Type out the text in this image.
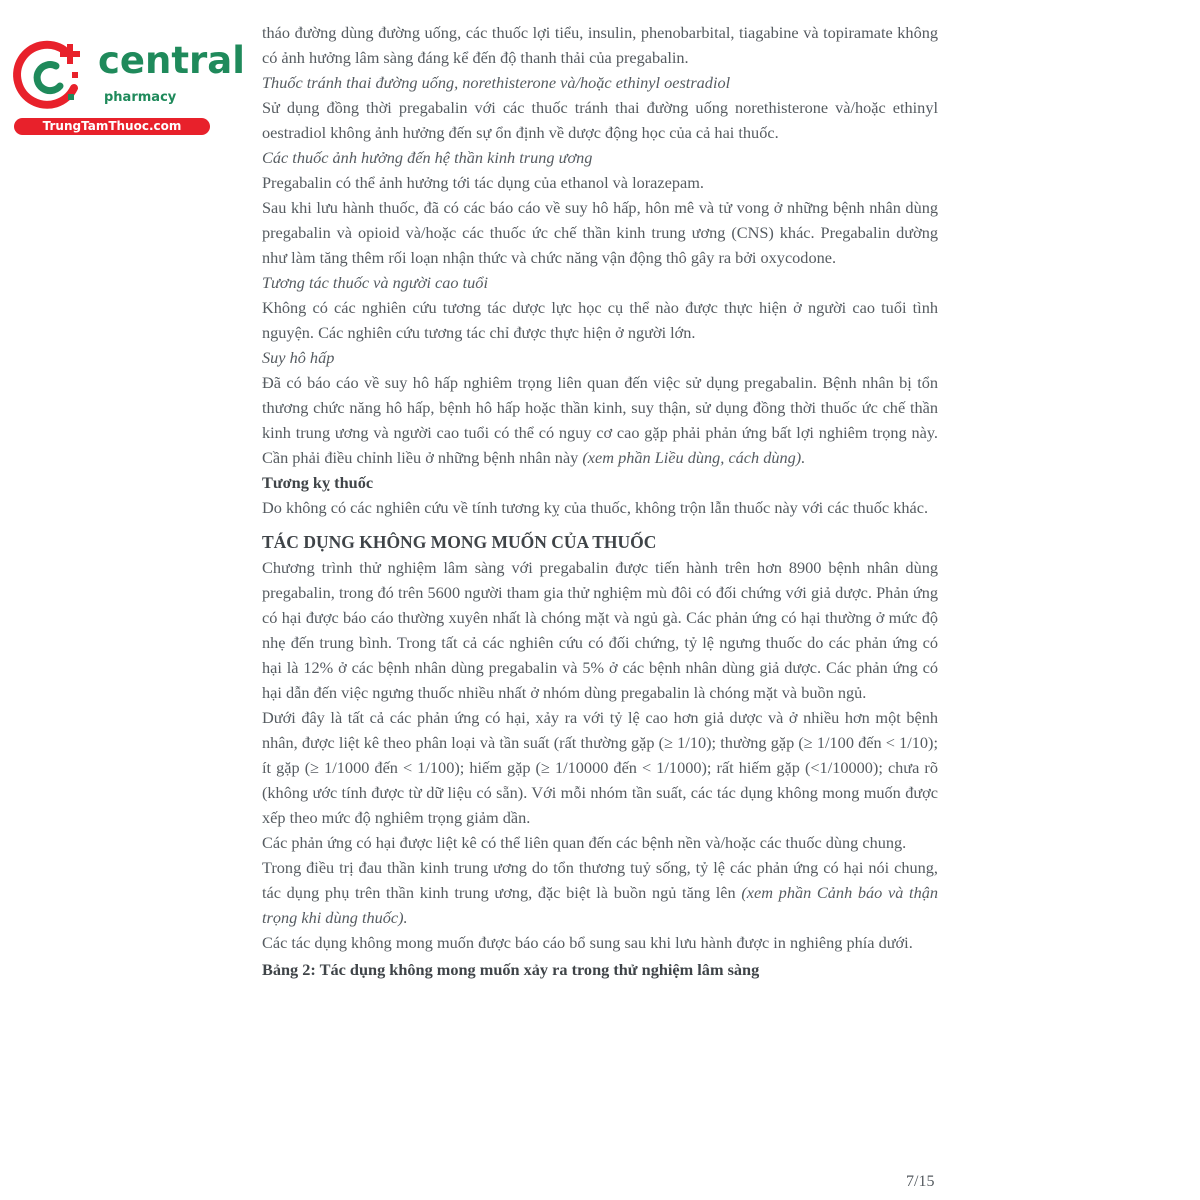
central
pharmacy
TrungTamThuoc.com

tháo đường dùng đường uống, các thuốc lợi tiểu, insulin, phenobarbital, tiagabine và topiramate không có ảnh hưởng lâm sàng đáng kể đến độ thanh thải của pregabalin.

Thuốc tránh thai đường uống, norethisterone và/hoặc ethinyl oestradiol

Sử dụng đồng thời pregabalin với các thuốc tránh thai đường uống norethisterone và/hoặc ethinyl oestradiol không ảnh hưởng đến sự ổn định về dược động học của cả hai thuốc.

Các thuốc ảnh hưởng đến hệ thần kinh trung ương

Pregabalin có thể ảnh hưởng tới tác dụng của ethanol và lorazepam.

Sau khi lưu hành thuốc, đã có các báo cáo về suy hô hấp, hôn mê và tử vong ở những bệnh nhân dùng pregabalin và opioid và/hoặc các thuốc ức chế thần kinh trung ương (CNS) khác. Pregabalin dường như làm tăng thêm rối loạn nhận thức và chức năng vận động thô gây ra bởi oxycodone.

Tương tác thuốc và người cao tuổi

Không có các nghiên cứu tương tác dược lực học cụ thể nào được thực hiện ở người cao tuổi tình nguyện. Các nghiên cứu tương tác chỉ được thực hiện ở người lớn.

Suy hô hấp

Đã có báo cáo về suy hô hấp nghiêm trọng liên quan đến việc sử dụng pregabalin. Bệnh nhân bị tổn thương chức năng hô hấp, bệnh hô hấp hoặc thần kinh, suy thận, sử dụng đồng thời thuốc ức chế thần kinh trung ương và người cao tuổi có thể có nguy cơ cao gặp phải phản ứng bất lợi nghiêm trọng này. Cần phải điều chỉnh liều ở những bệnh nhân này (xem phần Liều dùng, cách dùng).

Tương kỵ thuốc

Do không có các nghiên cứu về tính tương kỵ của thuốc, không trộn lẫn thuốc này với các thuốc khác.

TÁC DỤNG KHÔNG MONG MUỐN CỦA THUỐC

Chương trình thử nghiệm lâm sàng với pregabalin được tiến hành trên hơn 8900 bệnh nhân dùng pregabalin, trong đó trên 5600 người tham gia thử nghiệm mù đôi có đối chứng với giả dược. Phản ứng có hại được báo cáo thường xuyên nhất là chóng mặt và ngủ gà. Các phản ứng có hại thường ở mức độ nhẹ đến trung bình. Trong tất cả các nghiên cứu có đối chứng, tỷ lệ ngưng thuốc do các phản ứng có hại là 12% ở các bệnh nhân dùng pregabalin và 5% ở các bệnh nhân dùng giả dược. Các phản ứng có hại dẫn đến việc ngưng thuốc nhiều nhất ở nhóm dùng pregabalin là chóng mặt và buồn ngủ.

Dưới đây là tất cả các phản ứng có hại, xảy ra với tỷ lệ cao hơn giả dược và ở nhiều hơn một bệnh nhân, được liệt kê theo phân loại và tần suất (rất thường gặp (≥ 1/10); thường gặp (≥ 1/100 đến < 1/10); ít gặp (≥ 1/1000 đến < 1/100); hiếm gặp (≥ 1/10000 đến < 1/1000); rất hiếm gặp (<1/10000); chưa rõ (không ước tính được từ dữ liệu có sẵn). Với mỗi nhóm tần suất, các tác dụng không mong muốn được xếp theo mức độ nghiêm trọng giảm dần.

Các phản ứng có hại được liệt kê có thể liên quan đến các bệnh nền và/hoặc các thuốc dùng chung.

Trong điều trị đau thần kinh trung ương do tổn thương tuỷ sống, tỷ lệ các phản ứng có hại nói chung, tác dụng phụ trên thần kinh trung ương, đặc biệt là buồn ngủ tăng lên (xem phần Cảnh báo và thận trọng khi dùng thuốc).

Các tác dụng không mong muốn được báo cáo bổ sung sau khi lưu hành được in nghiêng phía dưới.

Bảng 2: Tác dụng không mong muốn xảy ra trong thử nghiệm lâm sàng

7/15
